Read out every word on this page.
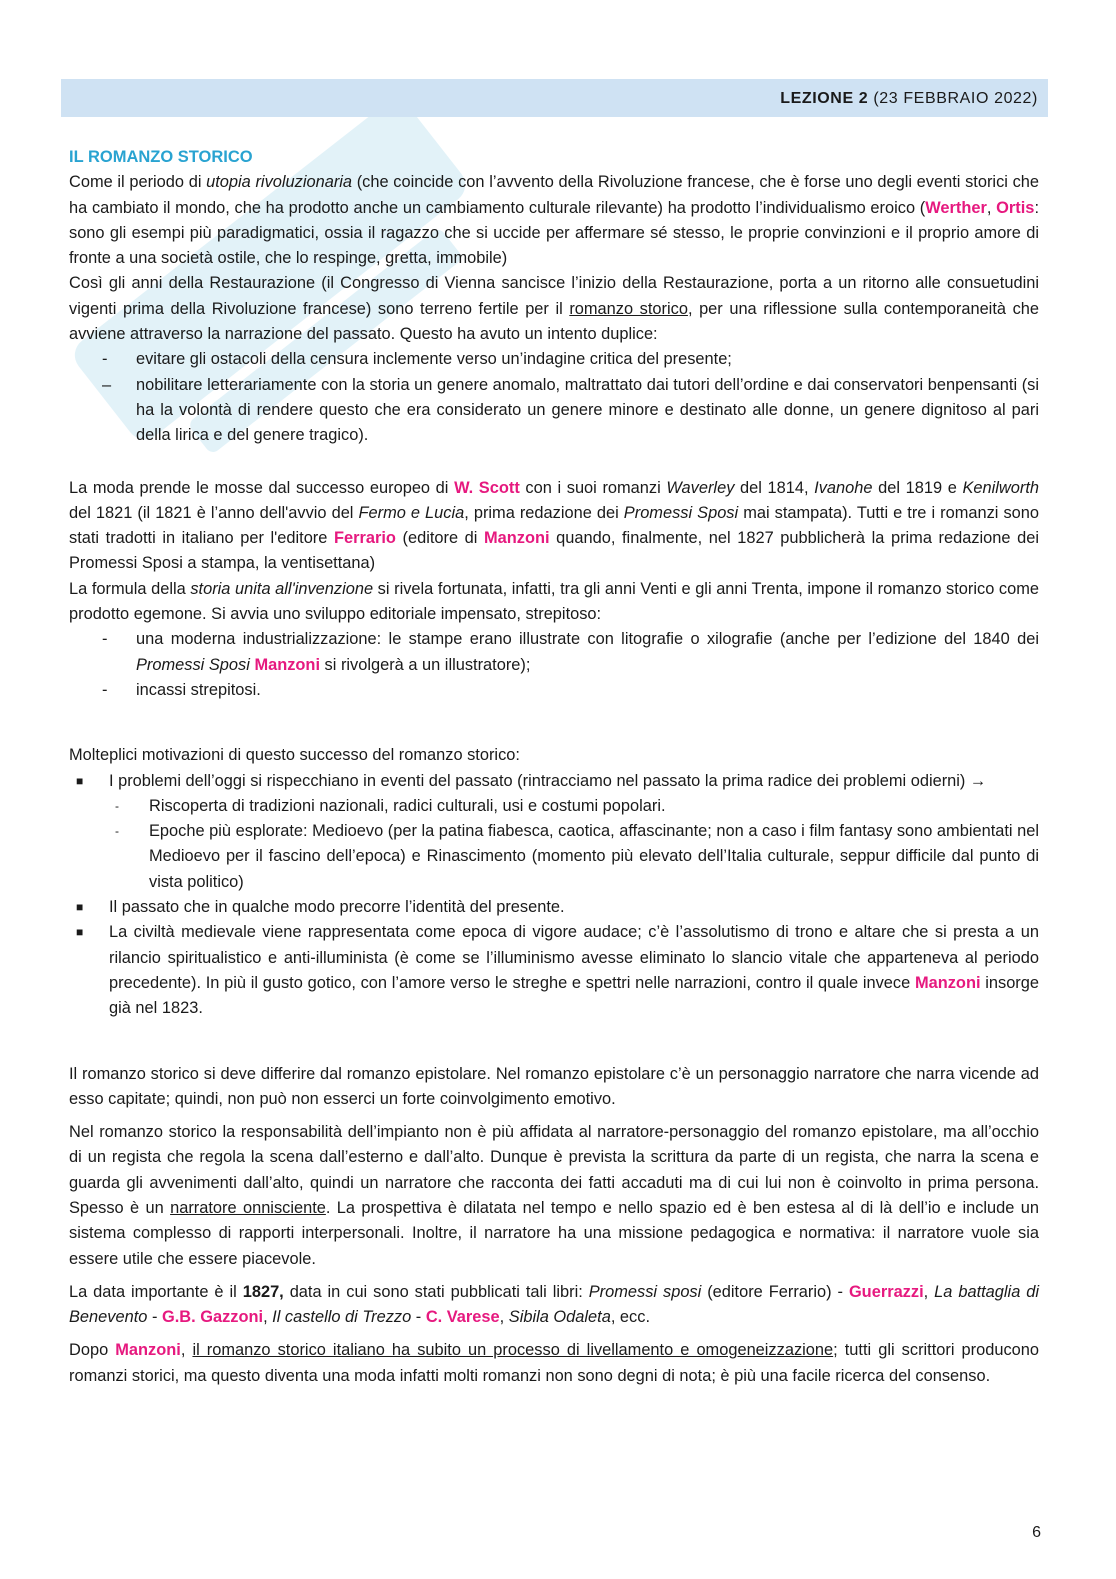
LEZIONE 2 (23 FEBBRAIO 2022)

IL ROMANZO STORICO

Come il periodo di utopia rivoluzionaria (che coincide con l’avvento della Rivoluzione francese, che è forse uno degli eventi storici che ha cambiato il mondo, che ha prodotto anche un cambiamento culturale rilevante) ha prodotto l’individualismo eroico (Werther, Ortis: sono gli esempi più paradigmatici, ossia il ragazzo che si uccide per affermare sé stesso, le proprie convinzioni e il proprio amore di fronte a una società ostile, che lo respinge, gretta, immobile)

Così gli anni della Restaurazione (il Congresso di Vienna sancisce l’inizio della Restaurazione, porta a un ritorno alle consuetudini vigenti prima della Rivoluzione francese) sono terreno fertile per il romanzo storico, per una riflessione sulla contemporaneità che avviene attraverso la narrazione del passato. Questo ha avuto un intento duplice:

- evitare gli ostacoli della censura inclemente verso un’indagine critica del presente;
– nobilitare letterariamente con la storia un genere anomalo, maltrattato dai tutori dell’ordine e dai conservatori benpensanti (si ha la volontà di rendere questo che era considerato un genere minore e destinato alle donne, un genere dignitoso al pari della lirica e del genere tragico).

La moda prende le mosse dal successo europeo di W. Scott con i suoi romanzi Waverley del 1814, Ivanohe del 1819 e Kenilworth del 1821 (il 1821 è l’anno dell'avvio del Fermo e Lucia, prima redazione dei Promessi Sposi mai stampata). Tutti e tre i romanzi sono stati tradotti in italiano per l'editore Ferrario (editore di Manzoni quando, finalmente, nel 1827 pubblicherà la prima redazione dei Promessi Sposi a stampa, la ventisettana)

La formula della storia unita all'invenzione si rivela fortunata, infatti, tra gli anni Venti e gli anni Trenta, impone il romanzo storico come prodotto egemone. Si avvia uno sviluppo editoriale impensato, strepitoso:

- una moderna industrializzazione: le stampe erano illustrate con litografie o xilografie (anche per l’edizione del 1840 dei Promessi Sposi Manzoni si rivolgerà a un illustratore);
- incassi strepitosi.

Molteplici motivazioni di questo successo del romanzo storico:

■ I problemi dell’oggi si rispecchiano in eventi del passato (rintracciamo nel passato la prima radice dei problemi odierni) →
- Riscoperta di tradizioni nazionali, radici culturali, usi e costumi popolari.
- Epoche più esplorate: Medioevo (per la patina fiabesca, caotica, affascinante; non a caso i film fantasy sono ambientati nel Medioevo per il fascino dell’epoca) e Rinascimento (momento più elevato dell’Italia culturale, seppur difficile dal punto di vista politico)
■ Il passato che in qualche modo precorre l’identità del presente.
■ La civiltà medievale viene rappresentata come epoca di vigore audace; c’è l’assolutismo di trono e altare che si presta a un rilancio spiritualistico e anti-illuminista (è come se l’illuminismo avesse eliminato lo slancio vitale che apparteneva al periodo precedente). In più il gusto gotico, con l’amore verso le streghe e spettri nelle narrazioni, contro il quale invece Manzoni insorge già nel 1823.

Il romanzo storico si deve differire dal romanzo epistolare. Nel romanzo epistolare c’è un personaggio narratore che narra vicende ad esso capitate; quindi, non può non esserci un forte coinvolgimento emotivo.

Nel romanzo storico la responsabilità dell’impianto non è più affidata al narratore-personaggio del romanzo epistolare, ma all’occhio di un regista che regola la scena dall’esterno e dall’alto. Dunque è prevista la scrittura da parte di un regista, che narra la scena e guarda gli avvenimenti dall’alto, quindi un narratore che racconta dei fatti accaduti ma di cui lui non è coinvolto in prima persona. Spesso è un narratore onnisciente. La prospettiva è dilatata nel tempo e nello spazio ed è ben estesa al di là dell’io e include un sistema complesso di rapporti interpersonali. Inoltre, il narratore ha una missione pedagogica e normativa: il narratore vuole sia essere utile che essere piacevole.

La data importante è il 1827, data in cui sono stati pubblicati tali libri: Promessi sposi (editore Ferrario) - Guerrazzi, La battaglia di Benevento - G.B. Gazzoni, Il castello di Trezzo - C. Varese, Sibila Odaleta, ecc.

Dopo Manzoni, il romanzo storico italiano ha subito un processo di livellamento e omogeneizzazione; tutti gli scrittori producono romanzi storici, ma questo diventa una moda infatti molti romanzi non sono degni di nota; è più una facile ricerca del consenso.

6
